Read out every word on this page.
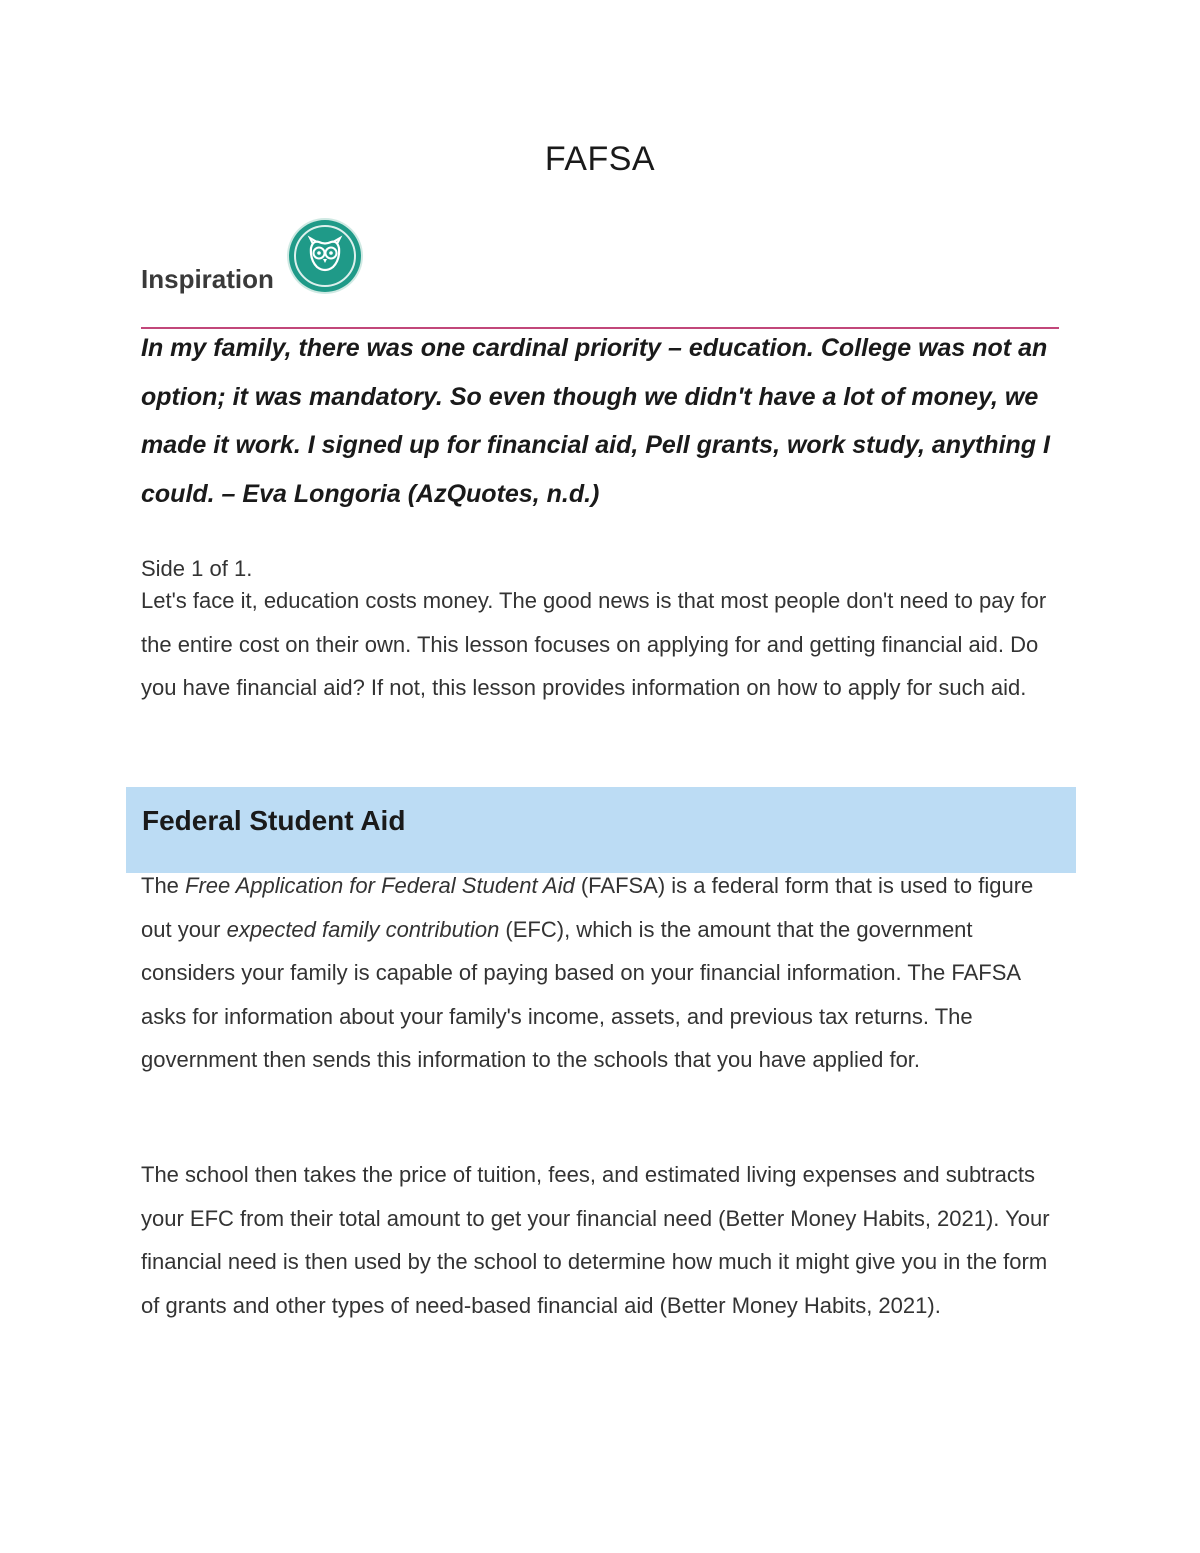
FAFSA
Inspiration
In my family, there was one cardinal priority – education. College was not an option; it was mandatory. So even though we didn't have a lot of money, we made it work. I signed up for financial aid, Pell grants, work study, anything I could. – Eva Longoria (AzQuotes, n.d.)
Side 1 of 1.
Let's face it, education costs money. The good news is that most people don't need to pay for the entire cost on their own. This lesson focuses on applying for and getting financial aid. Do you have financial aid? If not, this lesson provides information on how to apply for such aid.
Federal Student Aid
The Free Application for Federal Student Aid (FAFSA) is a federal form that is used to figure out your expected family contribution (EFC), which is the amount that the government considers your family is capable of paying based on your financial information. The FAFSA asks for information about your family's income, assets, and previous tax returns. The government then sends this information to the schools that you have applied for.
The school then takes the price of tuition, fees, and estimated living expenses and subtracts your EFC from their total amount to get your financial need (Better Money Habits, 2021). Your financial need is then used by the school to determine how much it might give you in the form of grants and other types of need-based financial aid (Better Money Habits, 2021).
